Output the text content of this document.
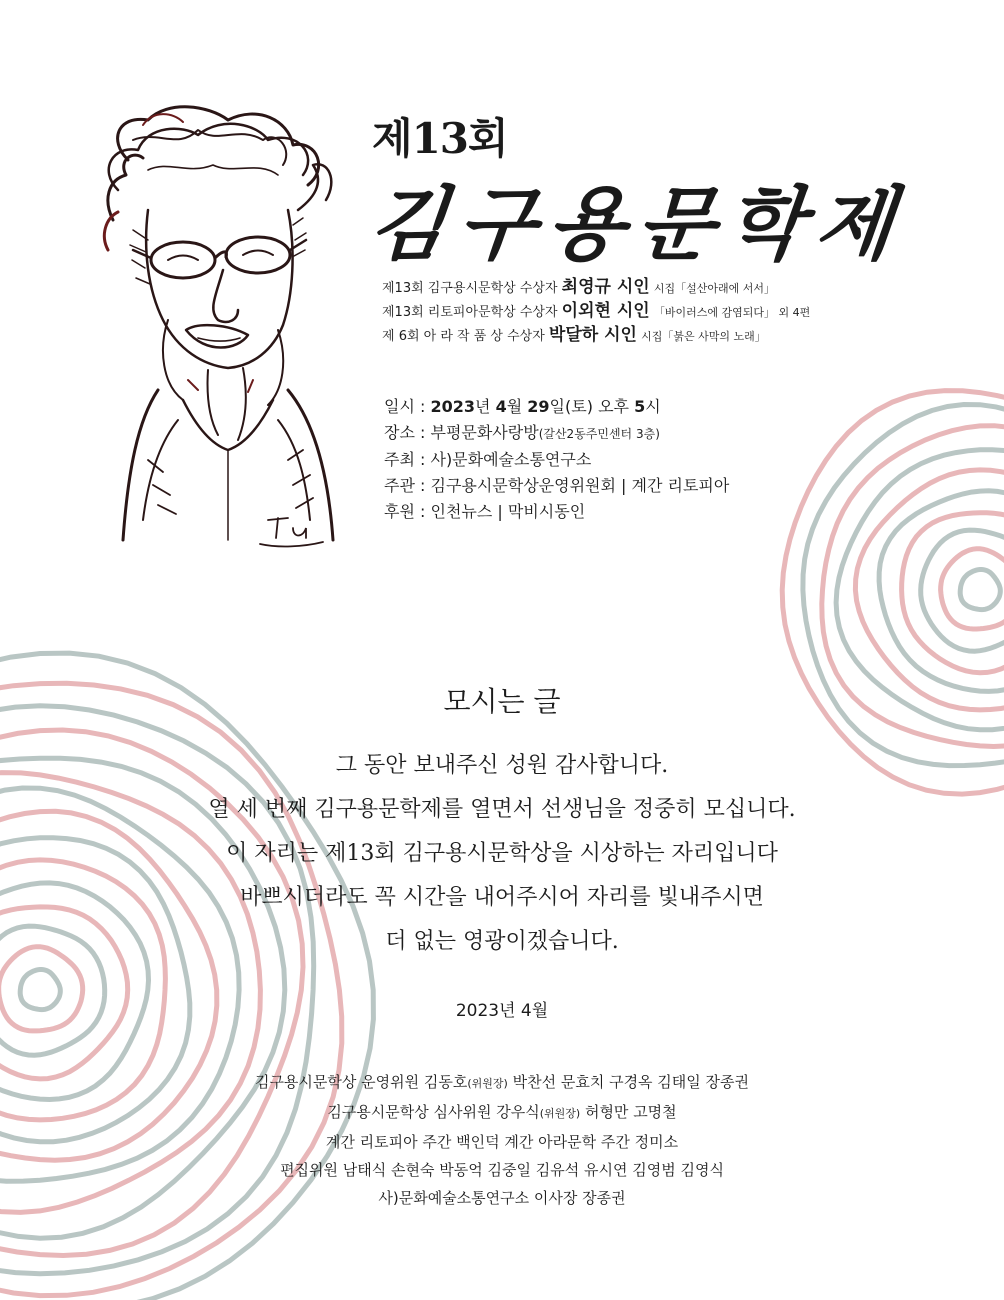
Tu
제13회
김구용문학제
제13회 김구용시문학상 수상자 최영규 시인 시집「설산아래에 서서」
제13회 리토피아문학상 수상자 이외현 시인 「바이러스에 감염되다」 외 4편
제 6회 아 라 작 품 상 수상자 박달하 시인 시집「붉은 사막의 노래」
일시 : 2023년 4월 29일(토) 오후 5시
장소 : 부평문화사랑방(갈산2동주민센터 3층)
주최 : 사)문화예술소통연구소
주관 : 김구용시문학상운영위원회 | 계간 리토피아
후원 : 인천뉴스 | 막비시동인
모시는 글
그 동안 보내주신 성원 감사합니다.
열 세 번째 김구용문학제를 열면서 선생님을 정중히 모십니다.
이 자리는 제13회 김구용시문학상을 시상하는 자리입니다
바쁘시더라도 꼭 시간을 내어주시어 자리를 빛내주시면
더 없는 영광이겠습니다.
2023년 4월
김구용시문학상 운영위원 김동호(위원장) 박찬선 문효치 구경옥 김태일 장종권
김구용시문학상 심사위원 강우식(위원장) 허형만 고명철
계간 리토피아 주간 백인덕 계간 아라문학 주간 정미소
편집위원 남태식 손현숙 박동억 김중일 김유석 유시연 김영범 김영식
사)문화예술소통연구소 이사장 장종권
